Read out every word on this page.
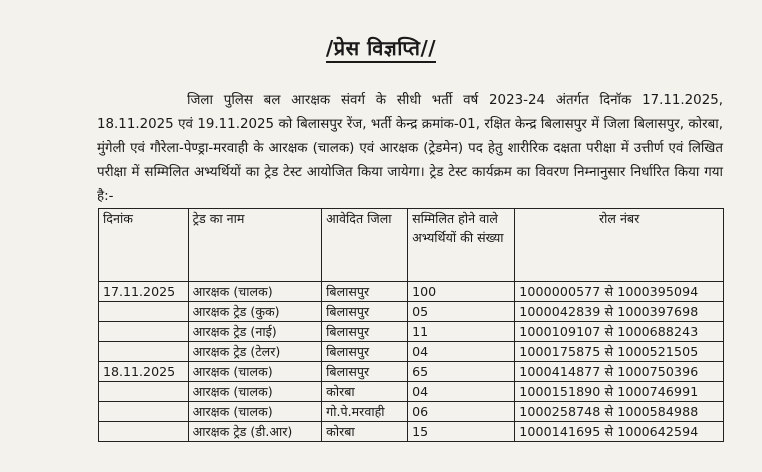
/प्रेस विज्ञप्ति//
जिला पुलिस बल आरक्षक संवर्ग के सीधी भर्ती वर्ष 2023-24 अंतर्गत दिनॉक 17.11.2025, 18.11.2025 एवं 19.11.2025 को बिलासपुर रेंज, भर्ती केन्द्र क्रमांक-01, रक्षित केन्द्र बिलासपुर में जिला बिलासपुर, कोरबा, मुंगेली एवं गौरेला-पेण्ड्रा-मरवाही के आरक्षक (चालक) एवं आरक्षक (ट्रेडमेन) पद हेतु शारीरिक दक्षता परीक्षा में उत्तीर्ण एवं लिखित परीक्षा में सम्मिलित अभ्यर्थियों का ट्रेड टेस्ट आयोजित किया जायेगा। ट्रेड टेस्ट कार्यक्रम का विवरण निम्नानुसार निर्धारित किया गया है:-
दिनांक	ट्रेड का नाम	आवेदित जिला	सम्मिलित होने वाले अभ्यर्थियों की संख्या	रोल नंबर
17.11.2025	आरक्षक (चालक)	बिलासपुर	100	1000000577 से 1000395094
	आरक्षक ट्रेड (कुक)	बिलासपुर	05	1000042839 से 1000397698
	आरक्षक ट्रेड (नाई)	बिलासपुर	11	1000109107 से 1000688243
	आरक्षक ट्रेड (टेलर)	बिलासपुर	04	1000175875 से 1000521505
18.11.2025	आरक्षक (चालक)	बिलासपुर	65	1000414877 से 1000750396
	आरक्षक (चालक)	कोरबा	04	1000151890 से 1000746991
	आरक्षक (चालक)	गो.पे.मरवाही	06	1000258748 से 1000584988
	आरक्षक ट्रेड (डी.आर)	कोरबा	15	1000141695 से 1000642594
